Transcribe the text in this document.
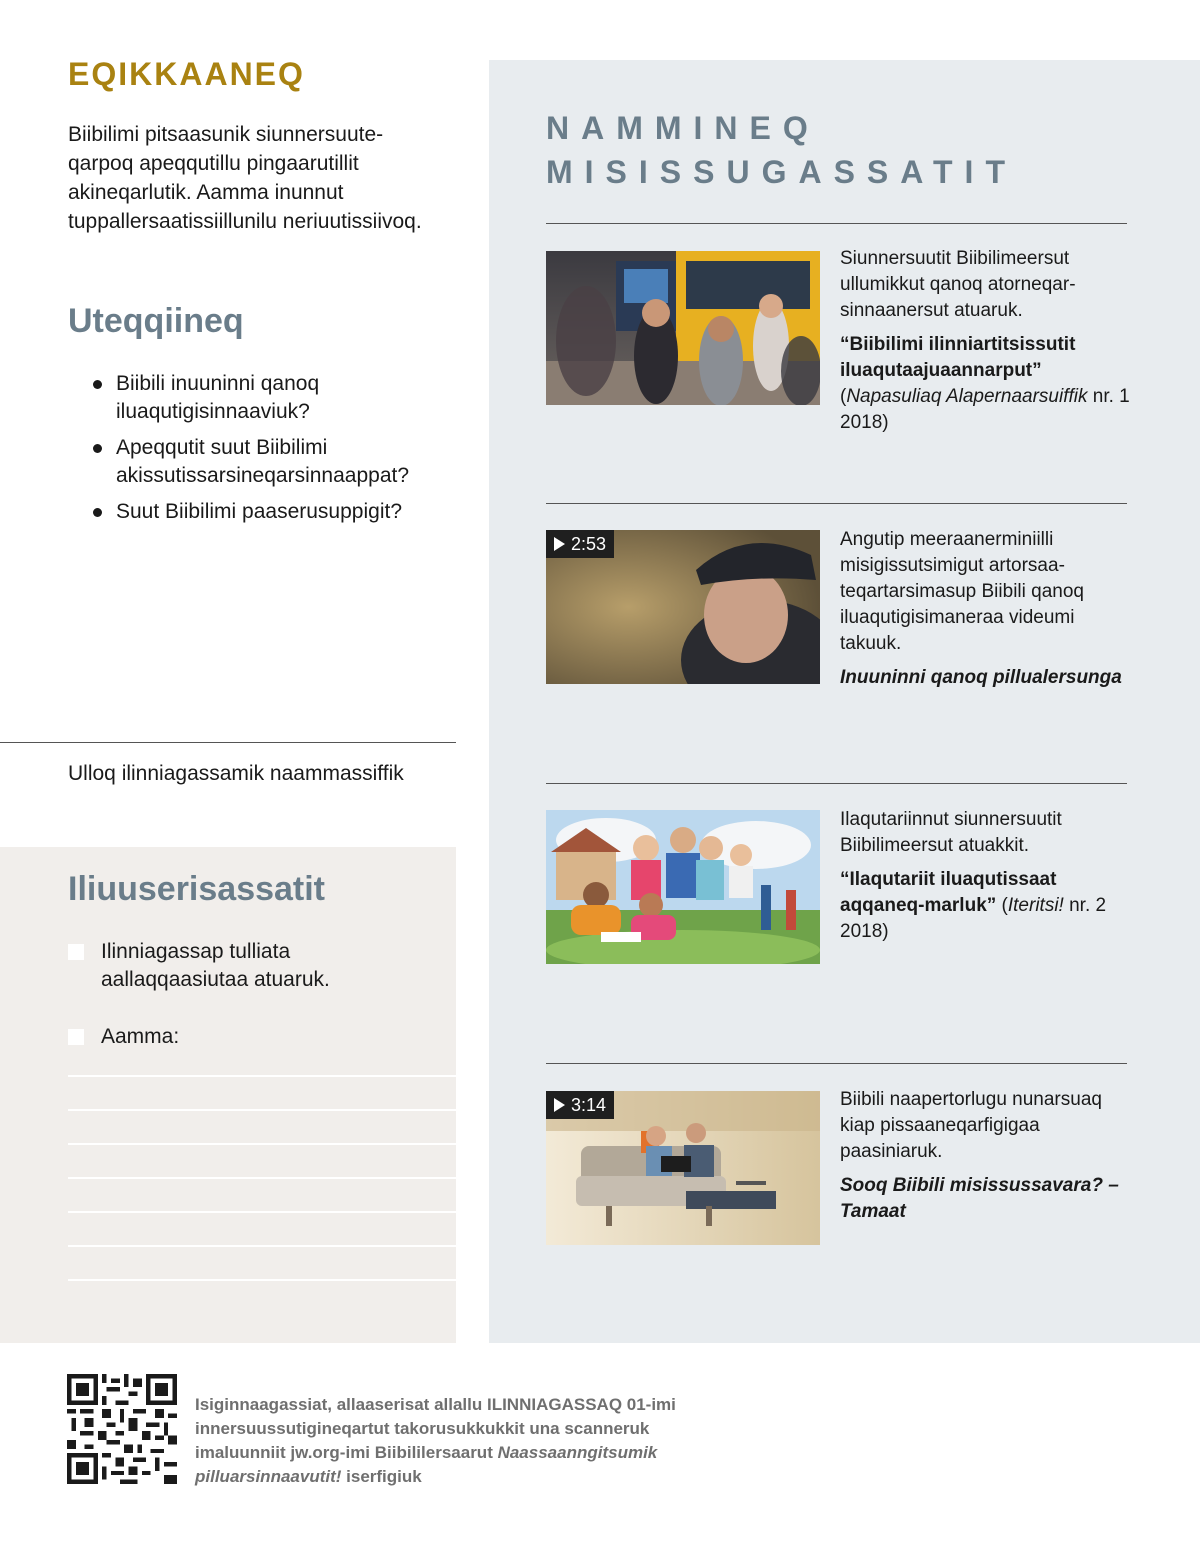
EQIKKAANEQ
Biibilimi pitsaasunik siunnersuuteqarpoq apeqqutillu pingaarutillit akineqarlutik. Aamma inunnut tuppallersaatissiillunilu neriuutissiivoq.
Uteqqiineq
Biibili inuuninni qanoq iluaqutigisinnaaviuk?
Apeqqutit suut Biibilimi akissutissarsineqarsinnaappat?
Suut Biibilimi paaserusuppigit?
Ulloq ilinniagassamik naammassiffik
Iliuuserisassatit
Ilinniagassap tulliata aallaqqaasiutaa atuaruk.
Aamma:
NAMMINEQ
MISISSUGASSATIT

Siunnersuutit Biibilimeersut ullumikkut qanoq atorneqarsinnaanersut atuaruk.

“Biibilimi ilinniartitsissutit iluaqutaajuaannarput” (Napasuliaq Alapernaarsuiffik nr. 1 2018)

2:53	Angutip meeraanerminiilli misigissutsimigut artorsaateqartarsimasup Biibili qanoq iluaqutigisimaneraa videumi takuuk.

Inuuninni qanoq pillualersunga

Ilaqutariinnut siunnersuutit Biibilimeersut atuakkit.

“Ilaqutariit iluaqutissaat aqqaneq-marluk” (Iteritsi! nr. 2 2018)

3:14	Biibili naapertorlugu nunarsuaq kiap pissaaneqarfigigaa paasiniaruk.

Sooq Biibili misissussavara? – Tamaat

Isiginnaagassiat, allaaserisat allallu ILINNIAGASSAQ 01-imi innersuussutigineqartut takorusukkukkit una scanneruk imaluunniit jw.org-imi Biibililersaarut Naassaanngitsumik pilluarsinnaavutit! iserfigiuk
